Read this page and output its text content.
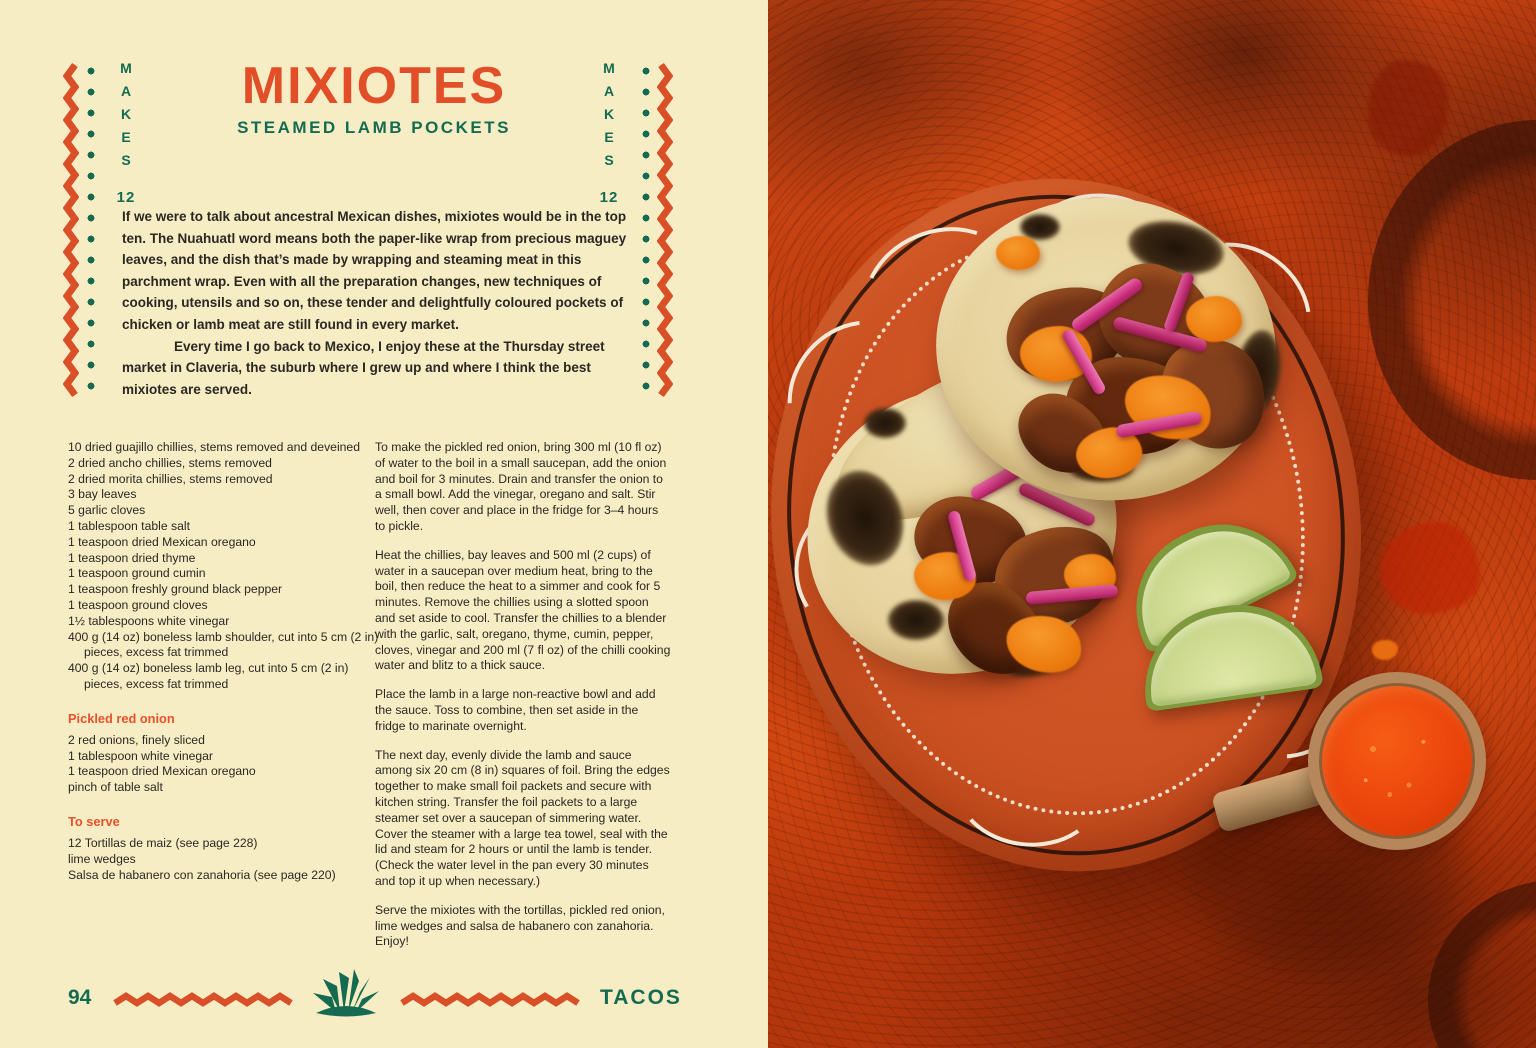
MAKES
12
MAKES
12
MIXIOTES
STEAMED LAMB POCKETS

If we were to talk about ancestral Mexican dishes, mixiotes would be in the top ten. The Nuahuatl word means both the paper-like wrap from precious maguey leaves, and the dish that’s made by wrapping and steaming meat in this parchment wrap. Even with all the preparation changes, new techniques of cooking, utensils and so on, these tender and delightfully coloured pockets of chicken or lamb meat are still found in every market.

Every time I go back to Mexico, I enjoy these at the Thursday street market in Claveria, the suburb where I grew up and where I think the best mixiotes are served.

10 dried guajillo chillies, stems removed and deveined
2 dried ancho chillies, stems removed
2 dried morita chillies, stems removed
3 bay leaves
5 garlic cloves
1 tablespoon table salt
1 teaspoon dried Mexican oregano
1 teaspoon dried thyme
1 teaspoon ground cumin
1 teaspoon freshly ground black pepper
1 teaspoon ground cloves
1½ tablespoons white vinegar
400 g (14 oz) boneless lamb shoulder, cut into 5 cm (2 in) pieces, excess fat trimmed
400 g (14 oz) boneless lamb leg, cut into 5 cm (2 in) pieces, excess fat trimmed
Pickled red onion
2 red onions, finely sliced
1 tablespoon white vinegar
1 teaspoon dried Mexican oregano
pinch of table salt
To serve
12 Tortillas de maiz (see page 228)
lime wedges
Salsa de habanero con zanahoria (see page 220)

To make the pickled red onion, bring 300 ml (10 fl oz) of water to the boil in a small saucepan, add the onion and boil for 3 minutes. Drain and transfer the onion to a small bowl. Add the vinegar, oregano and salt. Stir well, then cover and place in the fridge for 3–4 hours to pickle.

Heat the chillies, bay leaves and 500 ml (2 cups) of water in a saucepan over medium heat, bring to the boil, then reduce the heat to a simmer and cook for 5 minutes. Remove the chillies using a slotted spoon and set aside to cool. Transfer the chillies to a blender with the garlic, salt, oregano, thyme, cumin, pepper, cloves, vinegar and 200 ml (7 fl oz) of the chilli cooking water and blitz to a thick sauce.

Place the lamb in a large non-reactive bowl and add the sauce. Toss to combine, then set aside in the fridge to marinate overnight.

The next day, evenly divide the lamb and sauce among six 20 cm (8 in) squares of foil. Bring the edges together to make small foil packets and secure with kitchen string. Transfer the foil packets to a large steamer set over a saucepan of simmering water. Cover the steamer with a large tea towel, seal with the lid and steam for 2 hours or until the lamb is tender. (Check the water level in the pan every 30 minutes and top it up when necessary.)

Serve the mixiotes with the tortillas, pickled red onion, lime wedges and salsa de habanero con zanahoria. Enjoy!

94	TACOS
